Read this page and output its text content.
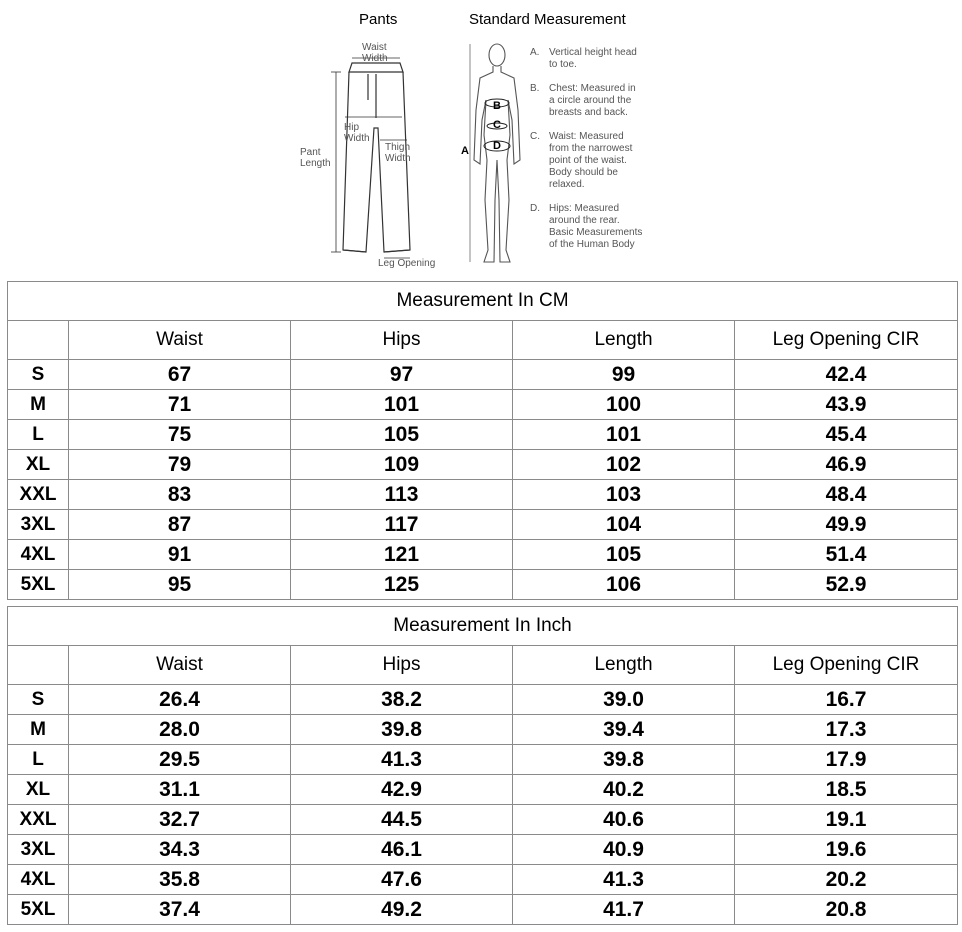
Pants	Standard Measurement
Waist
Width
Hip
Width
Thigh
Width
Pant
Length
Leg Opening
A
B
C
D
A. Vertical height head
to toe.
B. Chest: Measured in
a circle around the
breasts and back.
C. Waist: Measured
from the narrowest
point of the waist.
Body should be
relaxed.
D. Hips: Measured
around the rear.
Basic Measurements
of the Human Body
Measurement In CM				
	Waist	Hips	Length	Leg Opening CIR
S	67	97	99	42.4
M	71	101	100	43.9
L	75	105	101	45.4
XL	79	109	102	46.9
XXL	83	113	103	48.4
3XL	87	117	104	49.9
4XL	91	121	105	51.4
5XL	95	125	106	52.9
Measurement In Inch				
	Waist	Hips	Length	Leg Opening CIR
S	26.4	38.2	39.0	16.7
M	28.0	39.8	39.4	17.3
L	29.5	41.3	39.8	17.9
XL	31.1	42.9	40.2	18.5
XXL	32.7	44.5	40.6	19.1
3XL	34.3	46.1	40.9	19.6
4XL	35.8	47.6	41.3	20.2
5XL	37.4	49.2	41.7	20.8
